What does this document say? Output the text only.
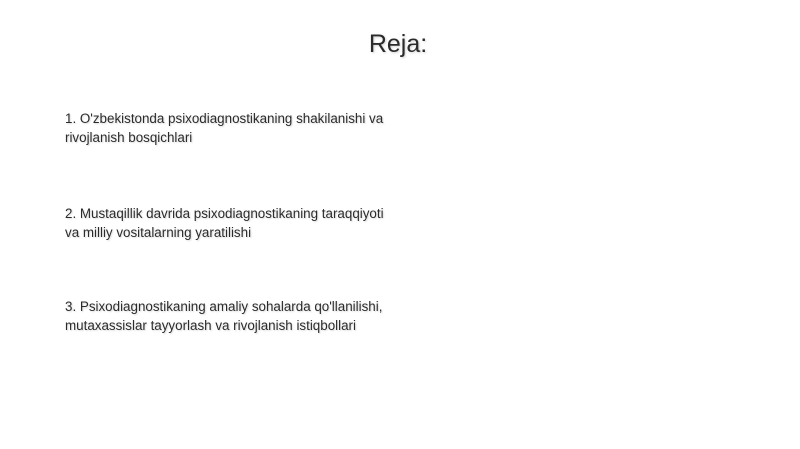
Reja:
1. O'zbekistonda psixodiagnostikaning shakilanishi va
rivojlanish bosqichlari
2. Mustaqillik davrida psixodiagnostikaning taraqqiyoti
va milliy vositalarning yaratilishi
3. Psixodiagnostikaning amaliy sohalarda qo'llanilishi,
mutaxassislar tayyorlash va rivojlanish istiqbollari
